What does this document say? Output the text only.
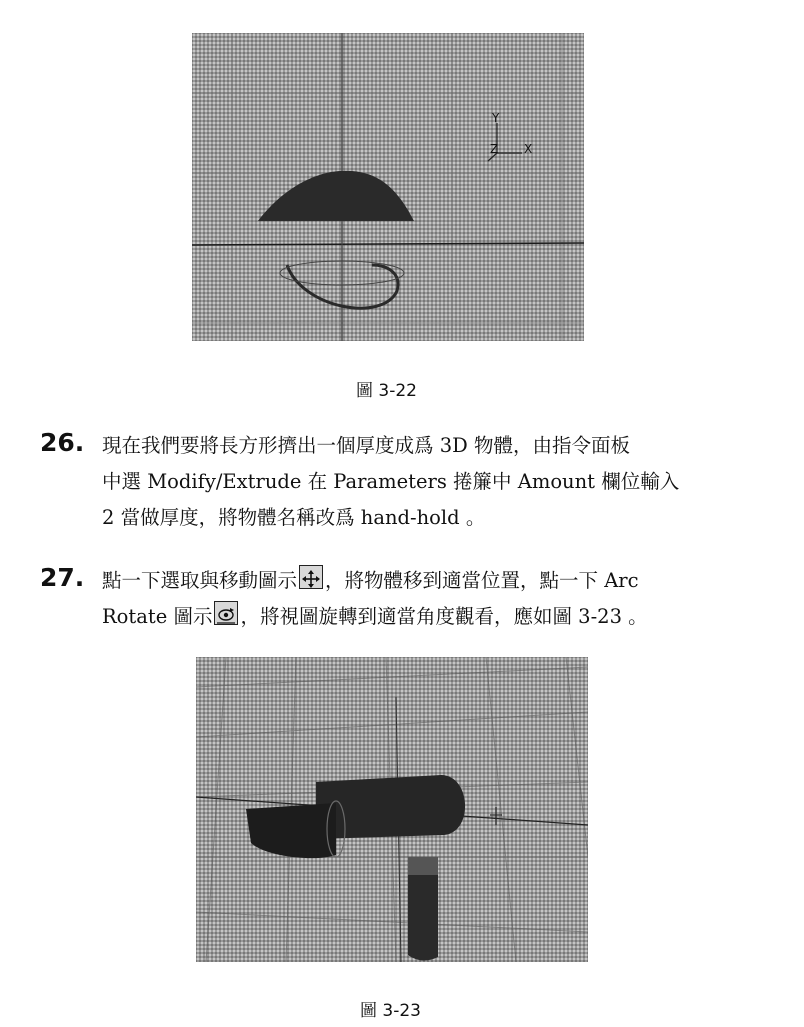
Y
Z X
圖 3-22
26. 現在我們要將長方形擠出一個厚度成爲 3D 物體，由指令面板
中選 Modify/Extrude 在 Parameters 捲簾中 Amount 欄位輸入
2 當做厚度，將物體名稱改爲 hand-hold 。
27. 點一下選取與移動圖示 ，將物體移到適當位置，點一下 Arc
Rotate 圖示 ，將視圖旋轉到適當角度觀看，應如圖 3-23 。
圖 3-23
